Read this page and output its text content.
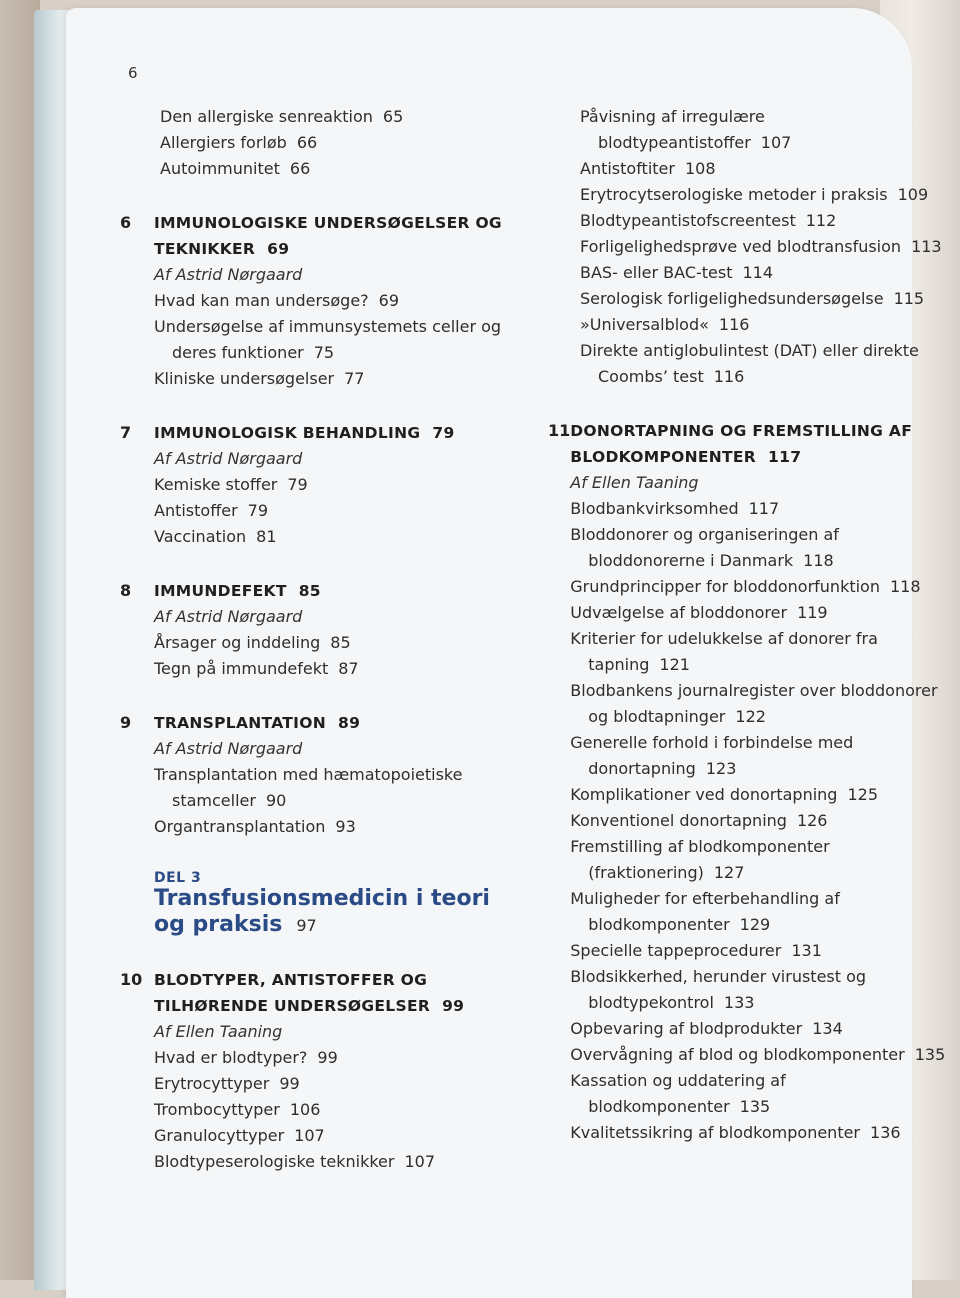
6
Den allergiske senreaktion 65
Allergiers forløb 66
Autoimmunitet 66
6	IMMUNOLOGISKE UNDERSØGELSER OG
TEKNIKKER 69
Af Astrid Nørgaard
Hvad kan man undersøge? 69
Undersøgelse af immunsystemets celler og
deres funktioner 75
Kliniske undersøgelser 77
7	IMMUNOLOGISK BEHANDLING 79
Af Astrid Nørgaard
Kemiske stoffer 79
Antistoffer 79
Vaccination 81
8	IMMUNDEFEKT 85
Af Astrid Nørgaard
Årsager og inddeling 85
Tegn på immundefekt 87
9	TRANSPLANTATION 89
Af Astrid Nørgaard
Transplantation med hæmatopoietiske
stamceller 90
Organtransplantation 93
DEL 3
Transfusionsmedicin i teori
og praksis 97
10 BLODTYPER, ANTISTOFFER OG
TILHØRENDE UNDERSØGELSER 99
Af Ellen Taaning
Hvad er blodtyper? 99
Erytrocyttyper 99
Trombocyttyper 106
Granulocyttyper 107
Blodtypeserologiske teknikker 107
Påvisning af irregulære
blodtypeantistoffer 107
Antistoftiter 108
Erytrocytserologiske metoder i praksis 109
Blodtypeantistofscreentest 112
Forligelighedsprøve ved blodtransfusion 113
BAS- eller BAC-test 114
Serologisk forligelighedsundersøgelse 115
»Universalblod« 116
Direkte antiglobulintest (DAT) eller direkte
Coombs’ test 116
11 DONORTAPNING OG FREMSTILLING AF
BLODKOMPONENTER 117
Af Ellen Taaning
Blodbankvirksomhed 117
Bloddonorer og organiseringen af
bloddonorerne i Danmark 118
Grundprincipper for bloddonorfunktion 118
Udvælgelse af bloddonorer 119
Kriterier for udelukkelse af donorer fra
tapning 121
Blodbankens journalregister over bloddonorer
og blodtapninger 122
Generelle forhold i forbindelse med
donortapning 123
Komplikationer ved donortapning 125
Konventionel donortapning 126
Fremstilling af blodkomponenter
(fraktionering) 127
Muligheder for efterbehandling af
blodkomponenter 129
Specielle tappeprocedurer 131
Blodsikkerhed, herunder virustest og
blodtypekontrol 133
Opbevaring af blodprodukter 134
Overvågning af blod og blodkomponenter 135
Kassation og uddatering af
blodkomponenter 135
Kvalitetssikring af blodkomponenter 136
